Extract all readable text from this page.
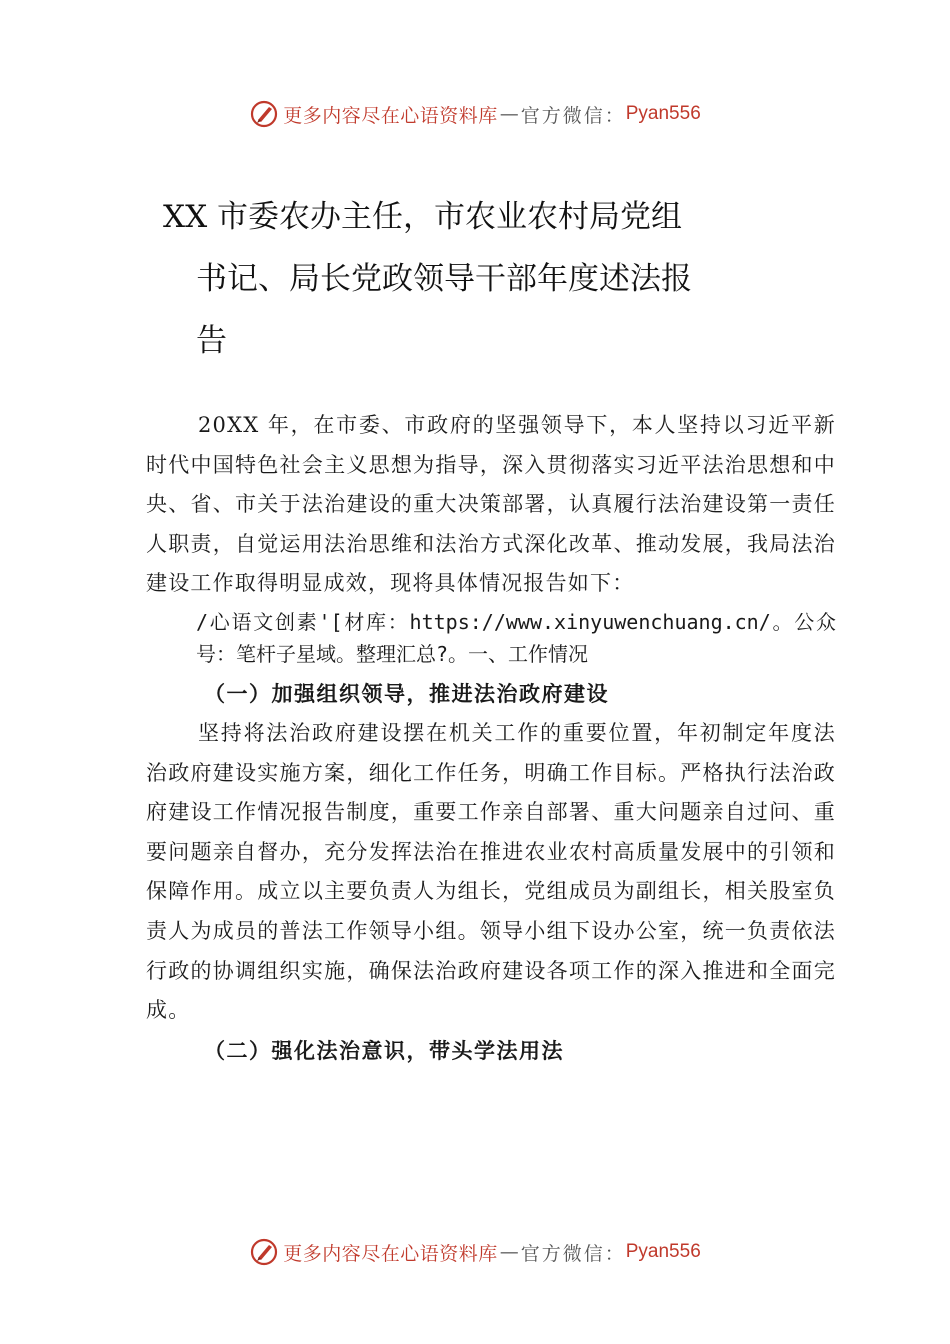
更多内容尽在心语资料库 — 官方微信： Pyan556
XX 市委农办主任，市农业农村局党组
书记、局长党政领导干部年度述法报
告

20XX 年，在市委、市政府的坚强领导下，本人坚持以习近平新时代中国特色社会主义思想为指导，深入贯彻落实习近平法治思想和中央、省、市关于法治建设的重大决策部署，认真履行法治建设第一责任人职责，自觉运用法治思维和法治方式深化改革、推动发展，我局法治建设工作取得明显成效，现将具体情况报告如下：

/心语文创素'[材库：https://www.xinyuwenchuang.cn/。公众号：笔杆子星域。整理汇总?。一、工作情况

（一）加强组织领导，推进法治政府建设

坚持将法治政府建设摆在机关工作的重要位置，年初制定年度法治政府建设实施方案，细化工作任务，明确工作目标。严格执行法治政府建设工作情况报告制度，重要工作亲自部署、重大问题亲自过问、重要问题亲自督办，充分发挥法治在推进农业农村高质量发展中的引领和保障作用。成立以主要负责人为组长，党组成员为副组长，相关股室负责人为成员的普法工作领导小组。领导小组下设办公室，统一负责依法行政的协调组织实施，确保法治政府建设各项工作的深入推进和全面完成。

（二）强化法治意识，带头学法用法
更多内容尽在心语资料库 — 官方微信： Pyan556
